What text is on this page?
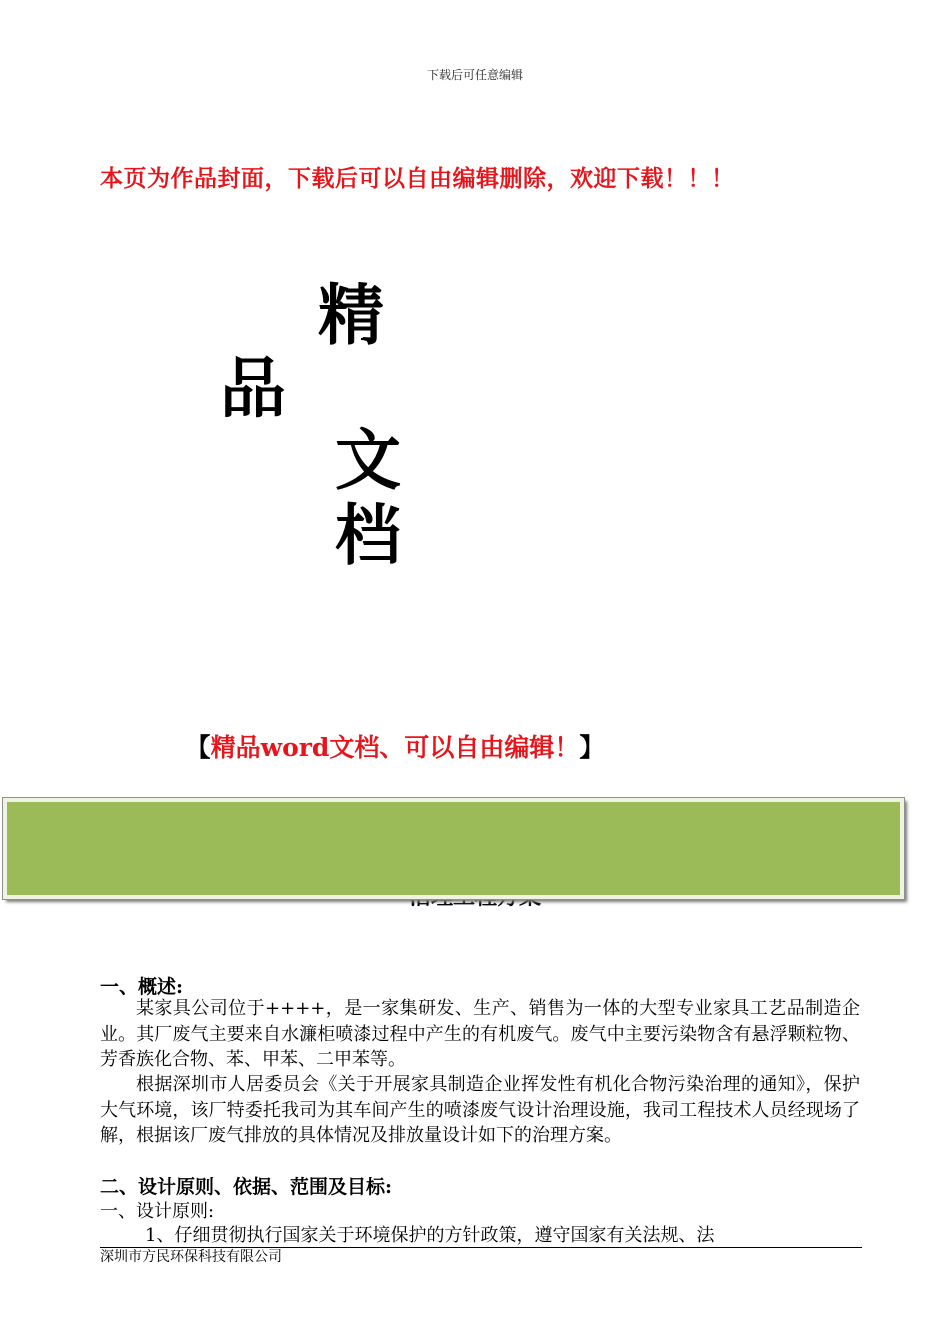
下载后可任意编辑
本页为作品封面，下载后可以自由编辑删除，欢迎下载！！！
精
品
文
档
【精品word文档、可以自由编辑！】
一、概述:
某家具公司位于++++，是一家集研发、生产、销售为一体的大型专业家具工艺品制造企业。其厂废气主要来自水濂柜喷漆过程中产生的有机废气。废气中主要污染物含有悬浮颗粒物、芳香族化合物、苯、甲苯、二甲苯等。
根据深圳市人居委员会《关于开展家具制造企业挥发性有机化合物污染治理的通知》，保护大气环境，该厂特委托我司为其车间产生的喷漆废气设计治理设施，我司工程技术人员经现场了解，根据该厂废气排放的具体情况及排放量设计如下的治理方案。
二、设计原则、依据、范围及目标:
一、设计原则:
1、仔细贯彻执行国家关于环境保护的方针政策，遵守国家有关法规、法
深圳市方民环保科技有限公司
